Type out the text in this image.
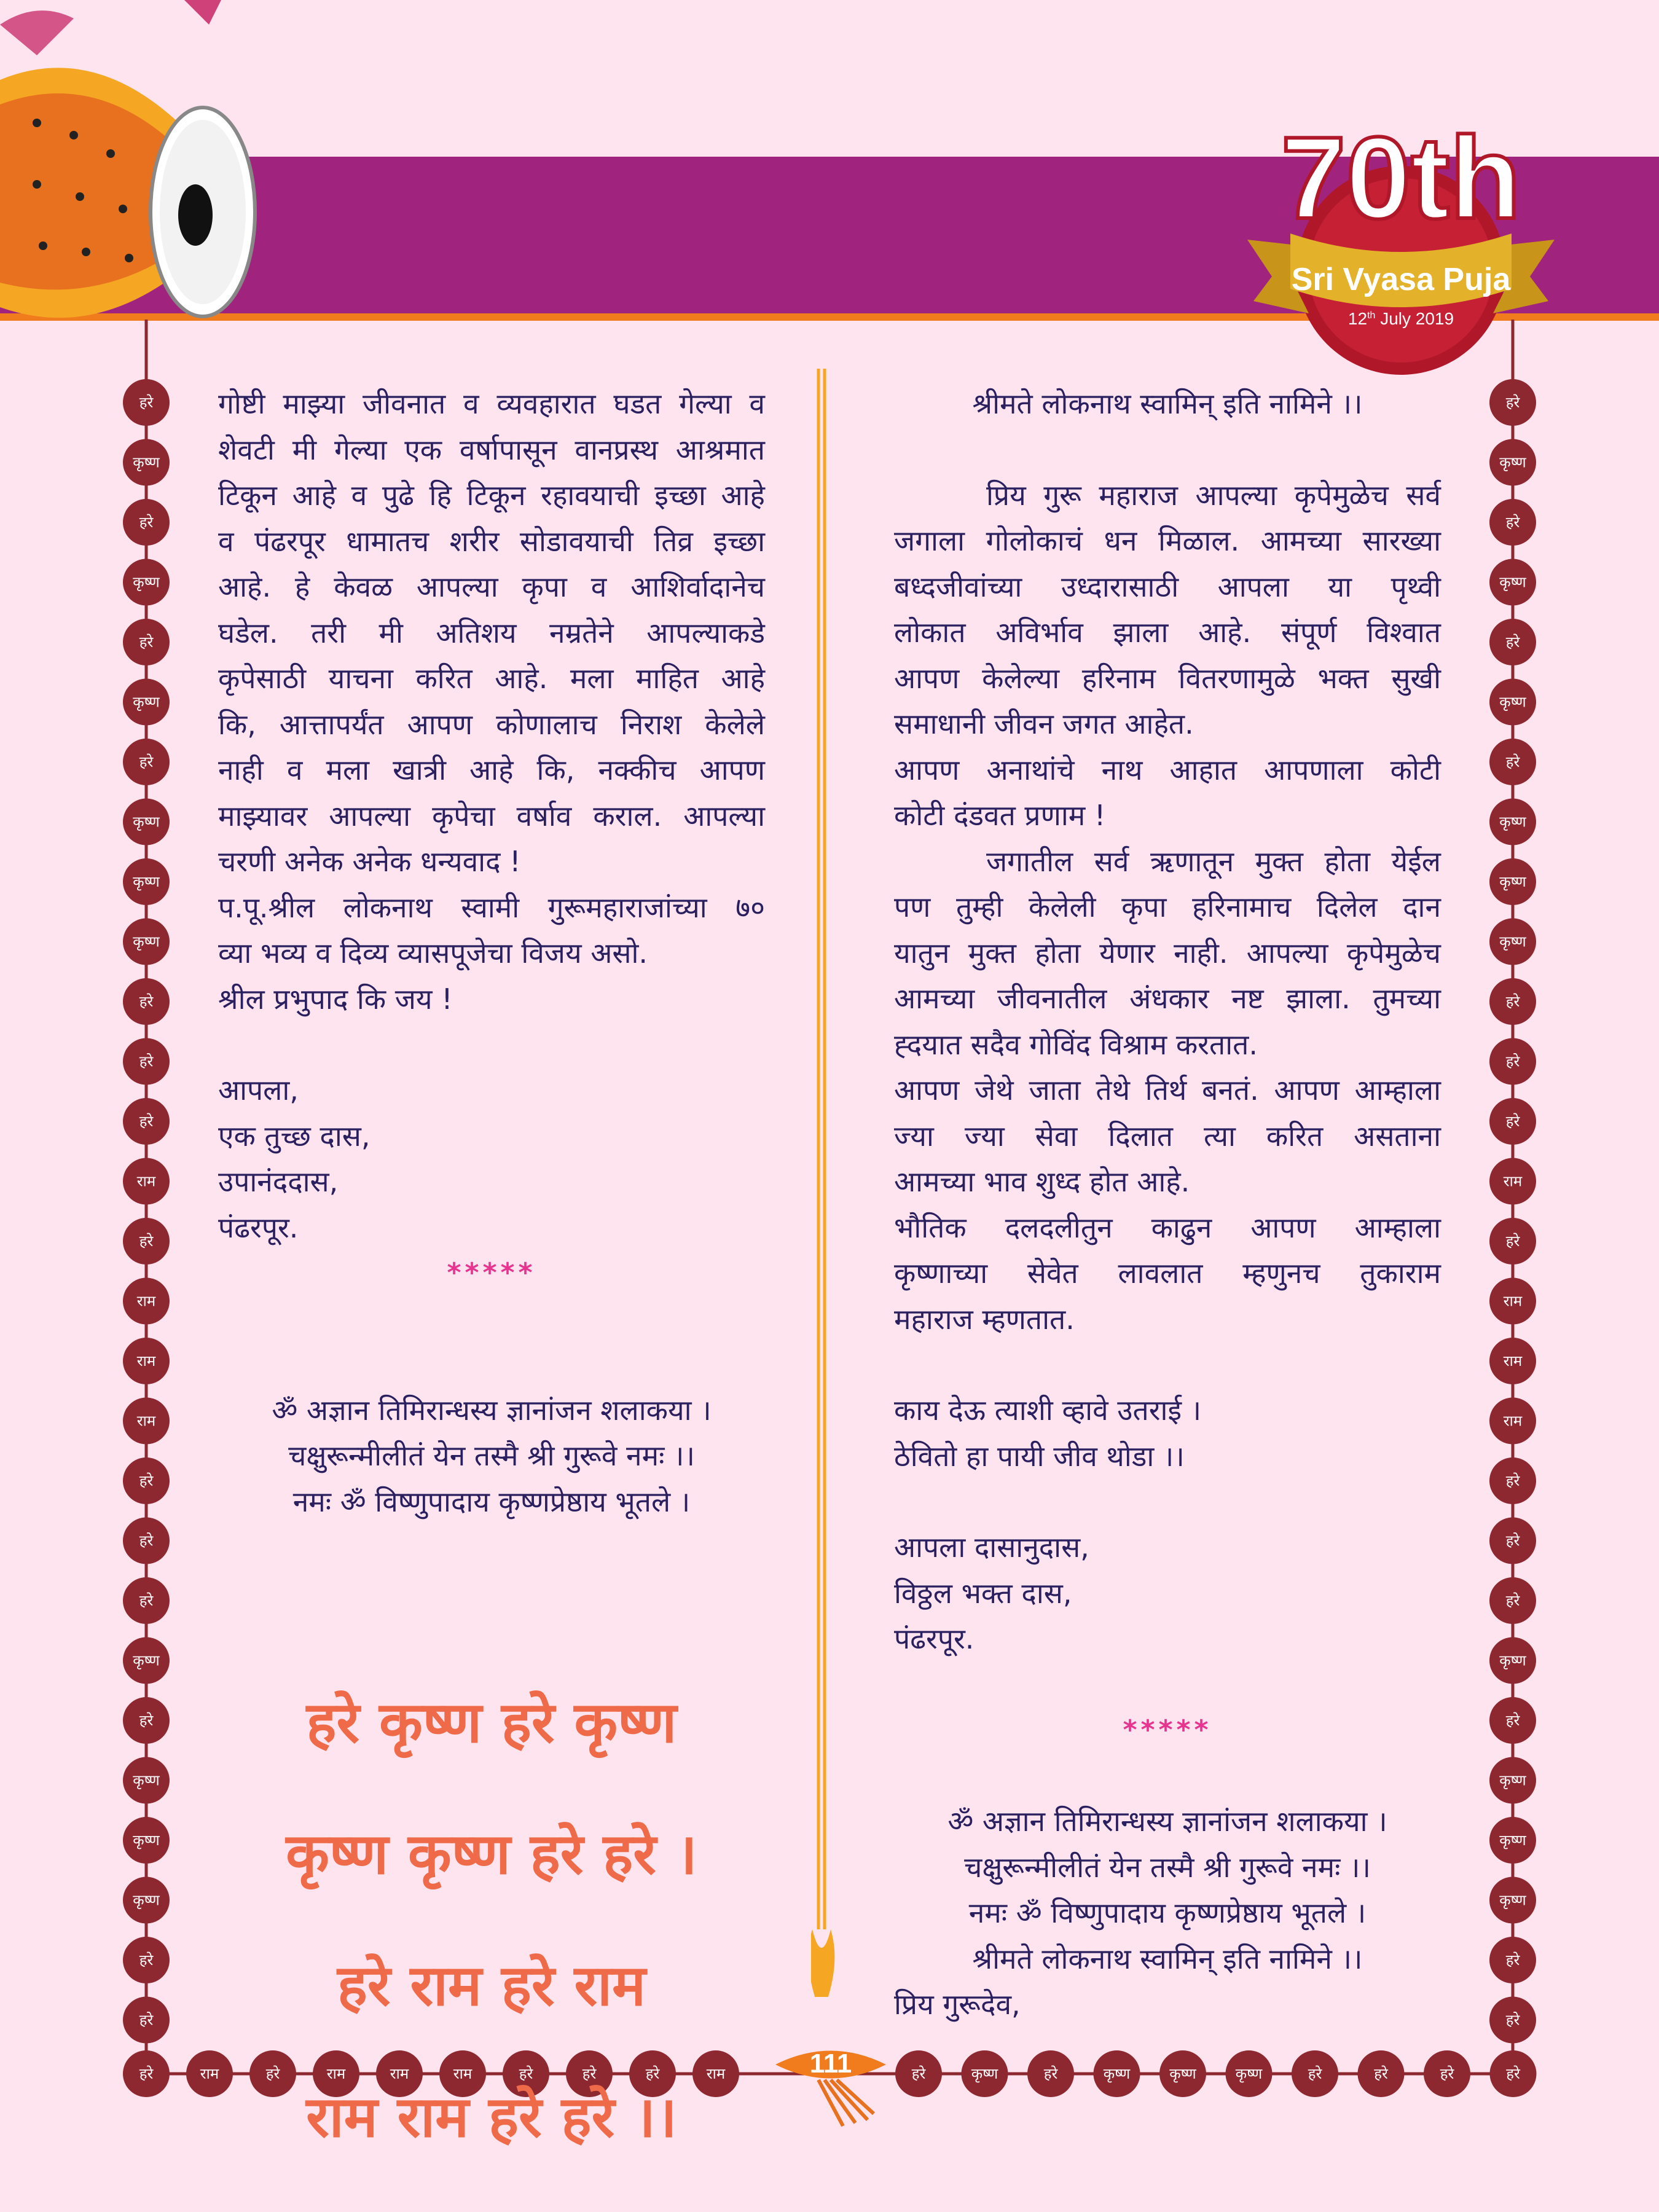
70th
Sri Vyasa Puja
12th July 2019
हरे
कृष्ण
हरे
कृष्ण
हरे
कृष्ण
हरे
कृष्ण
कृष्ण
कृष्ण
हरे
हरे
हरे
राम
हरे
राम
राम
राम
हरे
हरे
हरे
कृष्ण
हरे
कृष्ण
कृष्ण
कृष्ण
हरे
हरे
हरे
कृष्ण
हरे
कृष्ण
हरे
कृष्ण
हरे
कृष्ण
कृष्ण
कृष्ण
हरे
हरे
हरे
राम
हरे
राम
राम
राम
हरे
हरे
हरे
कृष्ण
हरे
कृष्ण
कृष्ण
कृष्ण
हरे
हरे
हरे	राम	हरे	राम	राम	राम	हरे	हरे	हरे	राम	हरे	कृष्ण	हरे	कृष्ण	कृष्ण	कृष्ण	हरे	हरे	हरे	हरे
111

गोष्टी माझ्या जीवनात व व्यवहारात घडत गेल्या व

शेवटी मी गेल्या एक वर्षापासून वानप्रस्थ आश्रमात

टिकून आहे व पुढे हि टिकून रहावयाची इच्छा आहे

व पंढरपूर धामातच शरीर सोडावयाची तिव्र इच्छा

आहे. हे केवळ आपल्या कृपा व आशिर्वादानेच

घडेल. तरी मी अतिशय नम्रतेने आपल्याकडे

कृपेसाठी याचना करित आहे. मला माहित आहे

कि, आत्तापर्यंत आपण कोणालाच निराश केलेले

नाही व मला खात्री आहे कि, नक्कीच आपण

माझ्यावर आपल्या कृपेचा वर्षाव कराल. आपल्या

चरणी अनेक अनेक धन्यवाद !

प.पू.श्रील लोकनाथ स्वामी गुरूमहाराजांच्या ७०

व्या भव्य व दिव्य व्यासपूजेचा विजय असो.

श्रील प्रभुपाद कि जय !

आपला,

एक तुच्छ दास,

उपानंददास,

पंढरपूर.

*****

ॐ अज्ञान तिमिरान्धस्य ज्ञानांजन शलाकया ।

चक्षुरून्मीलीतं येन तस्मै श्री गुरूवे नमः ।।

नमः ॐ विष्णुपादाय कृष्णप्रेष्ठाय भूतले ।

हरे कृष्ण हरे कृष्ण

कृष्ण कृष्ण हरे हरे ।

हरे राम हरे राम

राम राम हरे हरे ।।

श्रीमते लोकनाथ स्वामिन् इति नामिने ।।

प्रिय गुरू महाराज आपल्या कृपेमुळेच सर्व

जगाला गोलोकाचं धन मिळाल. आमच्या सारख्या

बध्दजीवांच्या उध्दारासाठी आपला या पृथ्वी

लोकात अविर्भाव झाला आहे. संपूर्ण विश्वात

आपण केलेल्या हरिनाम वितरणामुळे भक्त सुखी

समाधानी जीवन जगत आहेत.

आपण अनाथांचे नाथ आहात आपणाला कोटी

कोटी दंडवत प्रणाम !

जगातील सर्व ऋणातून मुक्त होता येईल

पण तुम्ही केलेली कृपा हरिनामाच दिलेल दान

यातुन मुक्त होता येणार नाही. आपल्या कृपेमुळेच

आमच्या जीवनातील अंधकार नष्ट झाला. तुमच्या

ह्दयात सदैव गोविंद विश्राम करतात.

आपण जेथे जाता तेथे तिर्थ बनतं. आपण आम्हाला

ज्या ज्या सेवा दिलात त्या करित असताना

आमच्या भाव शुध्द होत आहे.

भौतिक दलदलीतुन काढुन आपण आम्हाला

कृष्णाच्या सेवेत लावलात म्हणुनच तुकाराम

महाराज म्हणतात.

काय देऊ त्याशी व्हावे उतराई ।

ठेवितो हा पायी जीव थोडा ।।

आपला दासानुदास,

विठ्ठल भक्त दास,

पंढरपूर.

*****

ॐ अज्ञान तिमिरान्धस्य ज्ञानांजन शलाकया ।

चक्षुरून्मीलीतं येन तस्मै श्री गुरूवे नमः ।।

नमः ॐ विष्णुपादाय कृष्णप्रेष्ठाय भूतले ।

श्रीमते लोकनाथ स्वामिन् इति नामिने ।।

प्रिय गुरूदेव,
